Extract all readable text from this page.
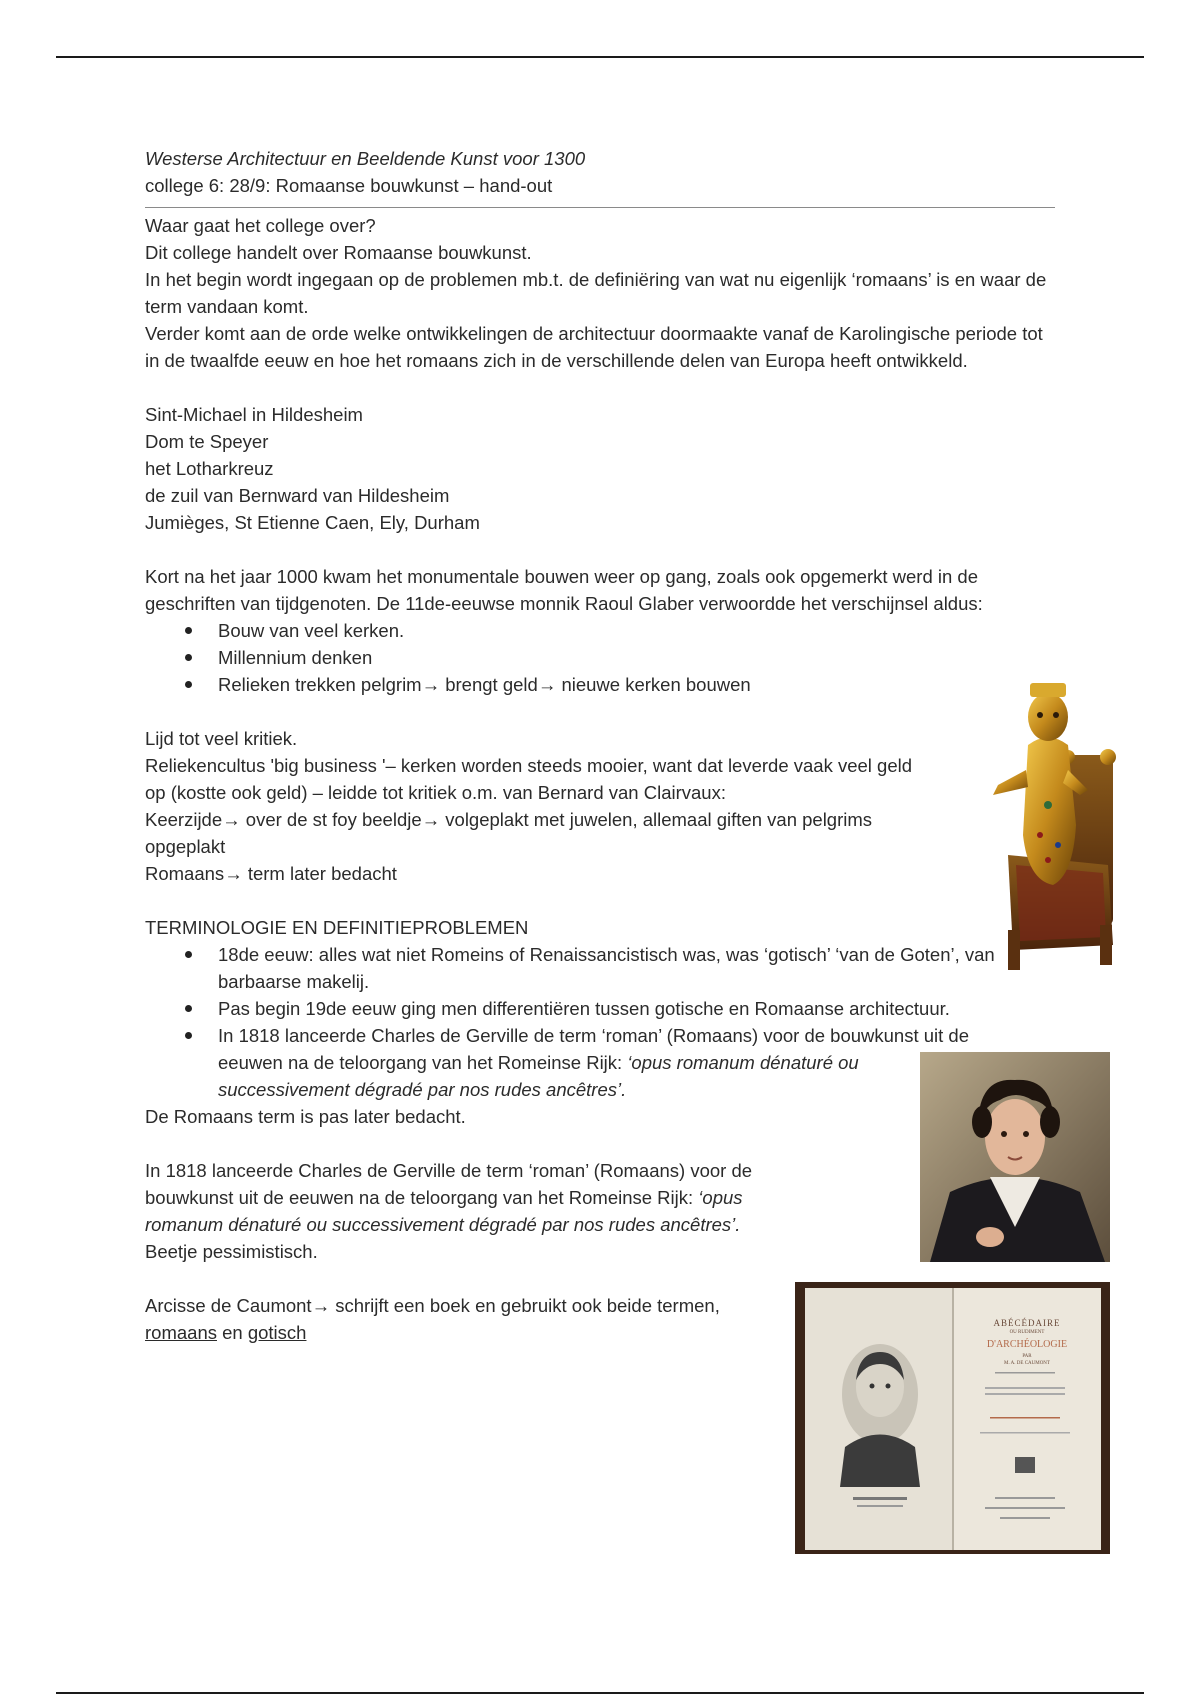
Westerse Architectuur en Beeldende Kunst voor 1300

college 6: 28/9: Romaanse bouwkunst – hand-out

Waar gaat het college over?

Dit college handelt over Romaanse bouwkunst.

In het begin wordt ingegaan op de problemen mb.t. de definiëring van wat nu eigenlijk ‘romaans’ is en waar de term vandaan komt.

Verder komt aan de orde welke ontwikkelingen de architectuur doormaakte vanaf de Karolingische periode tot in de twaalfde eeuw en hoe het romaans zich in de verschillende delen van Europa heeft ontwikkeld.

Sint-Michael in Hildesheim

Dom te Speyer

het Lotharkreuz

de zuil van Bernward van Hildesheim

Jumièges, St Etienne Caen, Ely, Durham

Kort na het jaar 1000 kwam het monumentale bouwen weer op gang, zoals ook opgemerkt werd in de geschriften van tijdgenoten. De 11de-eeuwse monnik Raoul Glaber verwoordde het verschijnsel aldus:

Bouw van veel kerken.
Millennium denken
Relieken trekken pelgrim→ brengt geld→ nieuwe kerken bouwen

Lijd tot veel kritiek.

Reliekencultus 'big business '– kerken worden steeds mooier, want dat leverde vaak veel geld op (kostte ook geld) – leidde tot kritiek o.m. van Bernard van Clairvaux:

Keerzijde→ over de st foy beeldje→ volgeplakt met juwelen, allemaal giften van pelgrims opgeplakt

Romaans→ term later bedacht

TERMINOLOGIE EN DEFINITIEPROBLEMEN

18de eeuw: alles wat niet Romeins of Renaissancistisch was, was ‘gotisch’ ‘van de Goten’, van barbaarse makelij.
Pas begin 19de eeuw ging men differentiëren tussen gotische en Romaanse architectuur.
In 1818 lanceerde Charles de Gerville de term ‘roman’ (Romaans) voor de bouwkunst uit de eeuwen na de teloorgang van het Romeinse Rijk: ‘opus romanum dénaturé ou successivement dégradé par nos rudes ancêtres’.

De Romaans term is pas later bedacht.

In 1818 lanceerde Charles de Gerville de term ‘roman’ (Romaans) voor de bouwkunst uit de eeuwen na de teloorgang van het Romeinse Rijk: ‘opus romanum dénaturé ou successivement dégradé par nos rudes ancêtres’.

Beetje pessimistisch.

Arcisse de Caumont→ schrijft een boek en gebruikt ook beide termen, romaans en gotisch	ABÉCÉDAIRE
OU RUDIMENT
D'ARCHÉOLOGIE
PAR
M. A. DE CAUMONT
